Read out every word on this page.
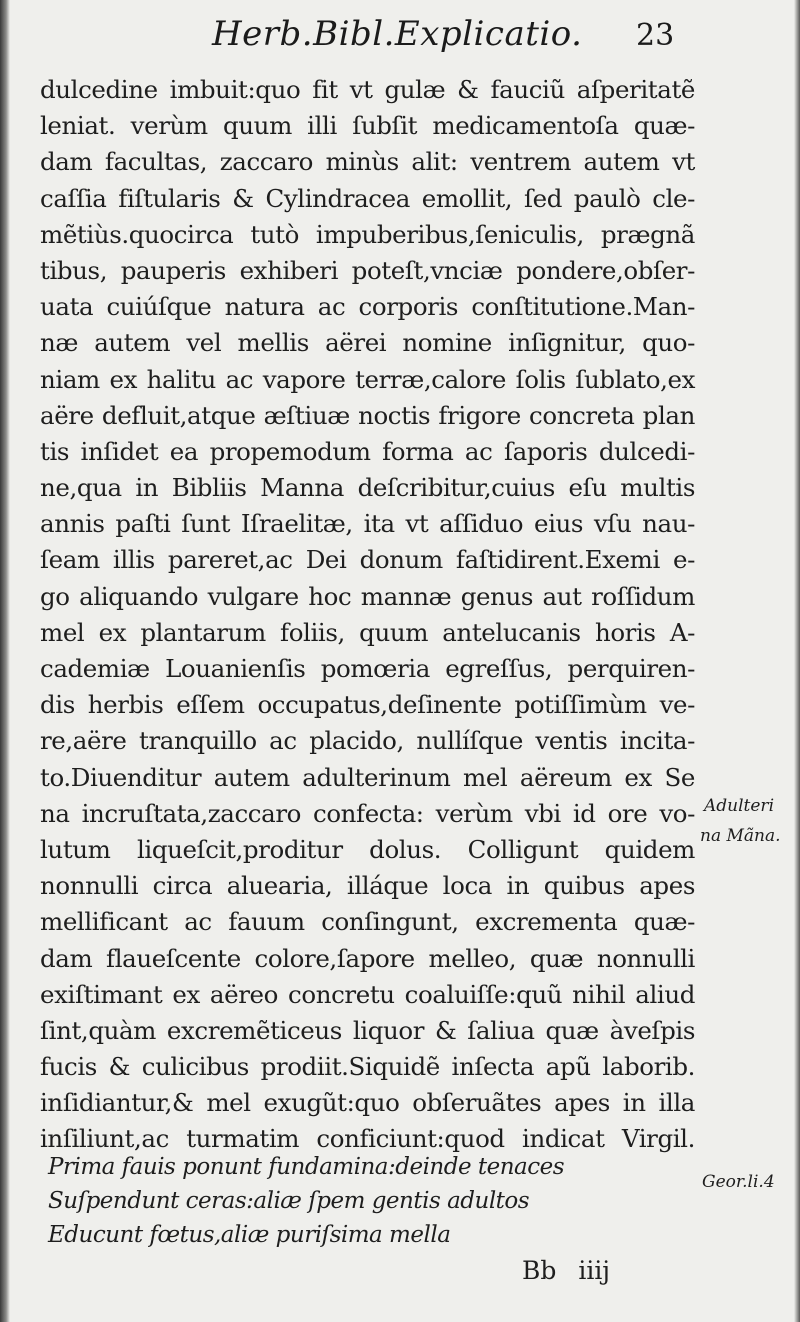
Herb.Bibl.Explicatio. 23
dulcedine imbuit:quo fit vt gulæ & fauciũ aſperitatẽ
leniat. verùm quum illi ſubſit medicamentoſa quæ-
dam facultas, zaccaro minùs alit: ventrem autem vt
caſſia fiſtularis & Cylindracea emollit, ſed paulò cle-
mẽtiùs.quocirca tutò impuberibus,ſeniculis, prægnã
tibus, pauperis exhiberi poteſt,vnciæ pondere,obſer-
uata cuiúſque natura ac corporis conſtitutione.Man-
næ autem vel mellis aërei nomine inſignitur, quo-
niam ex halitu ac vapore terræ,calore ſolis ſublato,ex
aëre defluit,atque æſtiuæ noctis frigore concreta plan
tis inſidet ea propemodum forma ac ſaporis dulcedi-
ne,qua in Bibliis Manna deſcribitur,cuius eſu multis
annis paſti ſunt Iſraelitæ, ita vt aſſiduo eius vſu nau-
ſeam illis pareret,ac Dei donum faſtidirent.Exemi e-
go aliquando vulgare hoc mannæ genus aut roſſidum
mel ex plantarum foliis, quum antelucanis horis A-
cademiæ Louanienſis pomœria egreſſus, perquiren-
dis herbis eſſem occupatus,deſinente potiſſimùm ve-
re,aëre tranquillo ac placido, nullíſque ventis incita-
to.Diuenditur autem adulterinum mel aëreum ex Se
na incruſtata,zaccaro confecta: verùm vbi id ore vo-
lutum liqueſcit,proditur dolus. Colligunt quidem
nonnulli circa aluearia, illáque loca in quibus apes
mellificant ac fauum conſingunt, excrementa quæ-
dam flaueſcente colore,ſapore melleo, quæ nonnulli
exiſtimant ex aëreo concretu coaluiſſe:quũ nihil aliud
ſint,quàm excremẽticeus liquor & ſaliua quæ àveſpis
fucis & culicibus prodiit.Siquidẽ inſecta apũ laborib.
inſidiantur,& mel exugũt:quo obſeruãtes apes in illa
inſiliunt,ac turmatim conficiunt:quod indicat Virgil.
Prima fauis ponunt fundamina:deinde tenaces
Suſpendunt ceras:aliæ ſpem gentis adultos
Educunt fœtus,aliæ puriſsima mella
Adulteri
na Mãna.
Geor.li.4
Bb iiij
